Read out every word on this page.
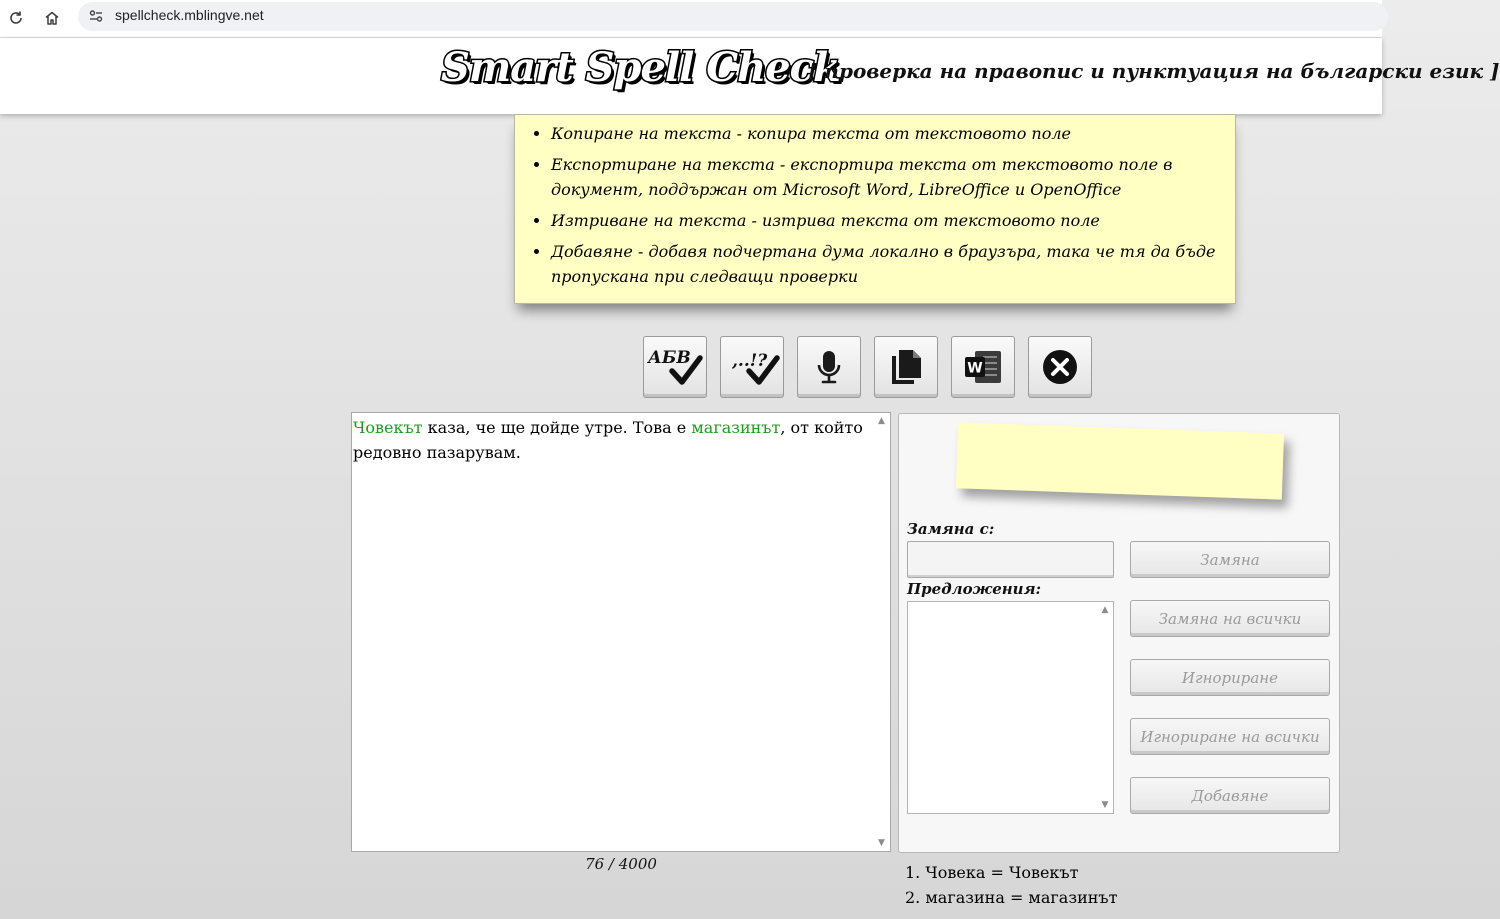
spellcheck.mblingve.net
Smart Spell Check
[ проверка на правопис и пунктуация на български език ]
• Копиране на текста - копира текста от текстовото поле
• Експортиране на текста - експортира текста от текстовото поле в документ, поддържан от Microsoft Word, LibreOffice и OpenOffice
• Изтриване на текста - изтрива текста от текстовото поле
• Добавяне - добавя подчертана дума локално в браузъра, така че тя да бъде пропускана при следващи проверки
АБВ ,..!?	W
Човекът каза, че ще дойде утре. Това е магазинът, от който редовно пазарувам.
▲
▼
76 / 4000
Замяна с:
Предложения:
▲
▼
Замяна
Замяна на всички
Игнориране
Игнориране на всички
Добавяне
1. Човека = Човекът
2. магазина = магазинът
